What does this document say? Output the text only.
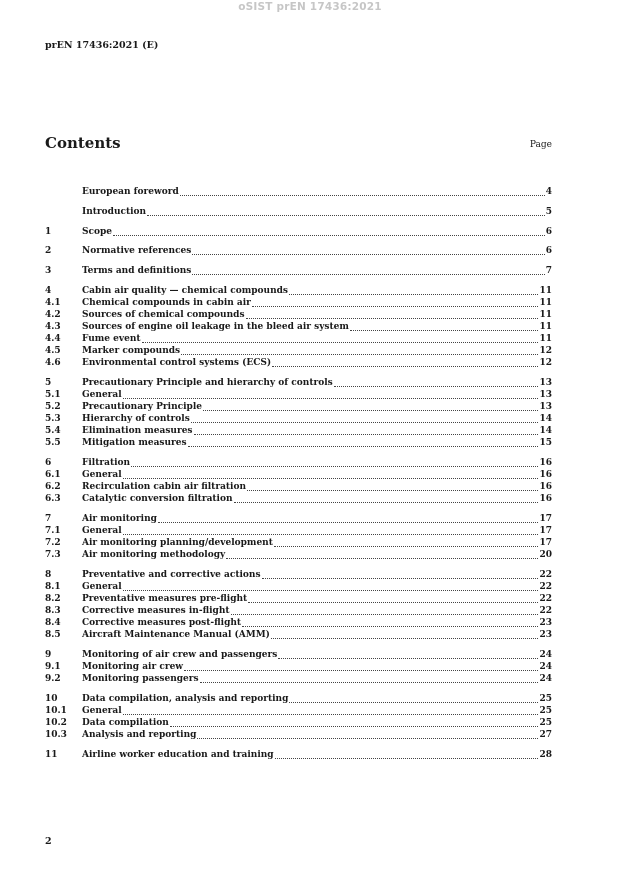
oSIST prEN 17436:2021
prEN 17436:2021 (E)
Contents	Page
European foreword	4
Introduction	5
1	Scope	6
2	Normative references	6
3	Terms and definitions	7
4	Cabin air quality — chemical compounds	11
4.1	Chemical compounds in cabin air	11
4.2	Sources of chemical compounds	11
4.3	Sources of engine oil leakage in the bleed air system	11
4.4	Fume event	11
4.5	Marker compounds	12
4.6	Environmental control systems (ECS)	12
5	Precautionary Principle and hierarchy of controls	13
5.1	General	13
5.2	Precautionary Principle	13
5.3	Hierarchy of controls	14
5.4	Elimination measures	14
5.5	Mitigation measures	15
6	Filtration	16
6.1	General	16
6.2	Recirculation cabin air filtration	16
6.3	Catalytic conversion filtration	16
7	Air monitoring	17
7.1	General	17
7.2	Air monitoring planning/development	17
7.3	Air monitoring methodology	20
8	Preventative and corrective actions	22
8.1	General	22
8.2	Preventative measures pre-flight	22
8.3	Corrective measures in-flight	22
8.4	Corrective measures post-flight	23
8.5	Aircraft Maintenance Manual (AMM)	23
9	Monitoring of air crew and passengers	24
9.1	Monitoring air crew	24
9.2	Monitoring passengers	24
10	Data compilation, analysis and reporting	25
10.1	General	25
10.2	Data compilation	25
10.3	Analysis and reporting	27
11	Airline worker education and training	28
2
